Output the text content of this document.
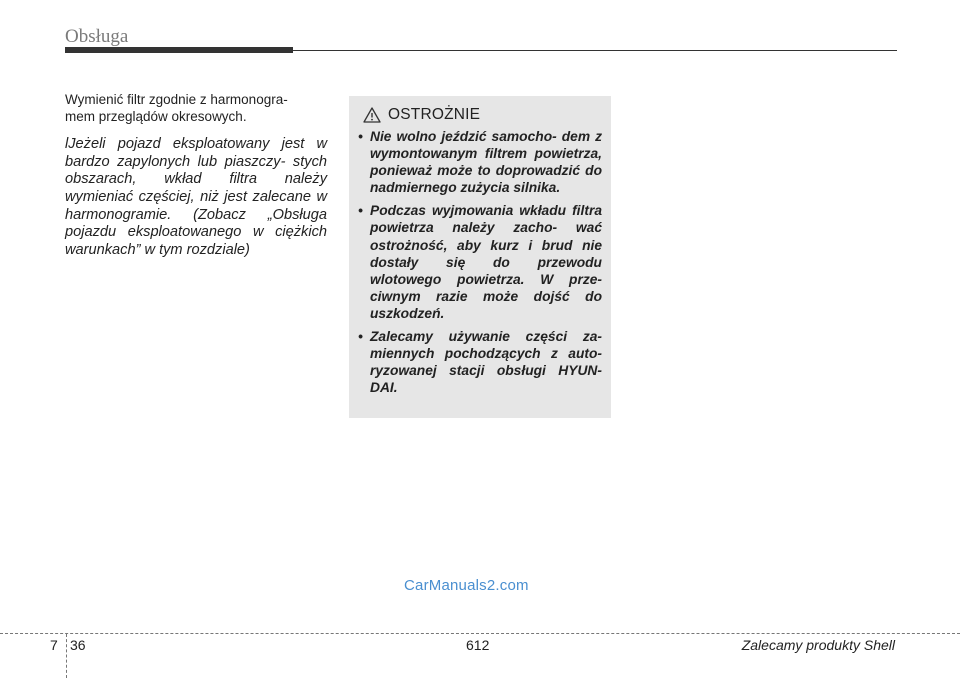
Obsługa

Wymienić filtr zgodnie z harmonogra-
mem przeglądów okresowych.

lJeżeli pojazd eksploatowany jest w bardzo zapylonych lub piaszczy- stych obszarach, wkład filtra należy wymieniać częściej, niż jest zalecane w harmonogramie. (Zobacz „Obsługa pojazdu eksploatowanego w ciężkich warunkach” w tym rozdziale)

OSTROŻNIE
• Nie wolno jeździć samocho- dem z wymontowanym filtrem powietrza, ponieważ może to doprowadzić do nadmiernego zużycia silnika.
• Podczas wyjmowania wkładu filtra powietrza należy zacho- wać ostrożność, aby kurz i brud nie dostały się do przewodu wlotowego powietrza. W prze- ciwnym razie może dojść do uszkodzeń.
• Zalecamy używanie części za- miennych pochodzących z auto- ryzowanej stacji obsługi HYUN- DAI.
CarManuals2.com
7 36	612	Zalecamy produkty Shell
